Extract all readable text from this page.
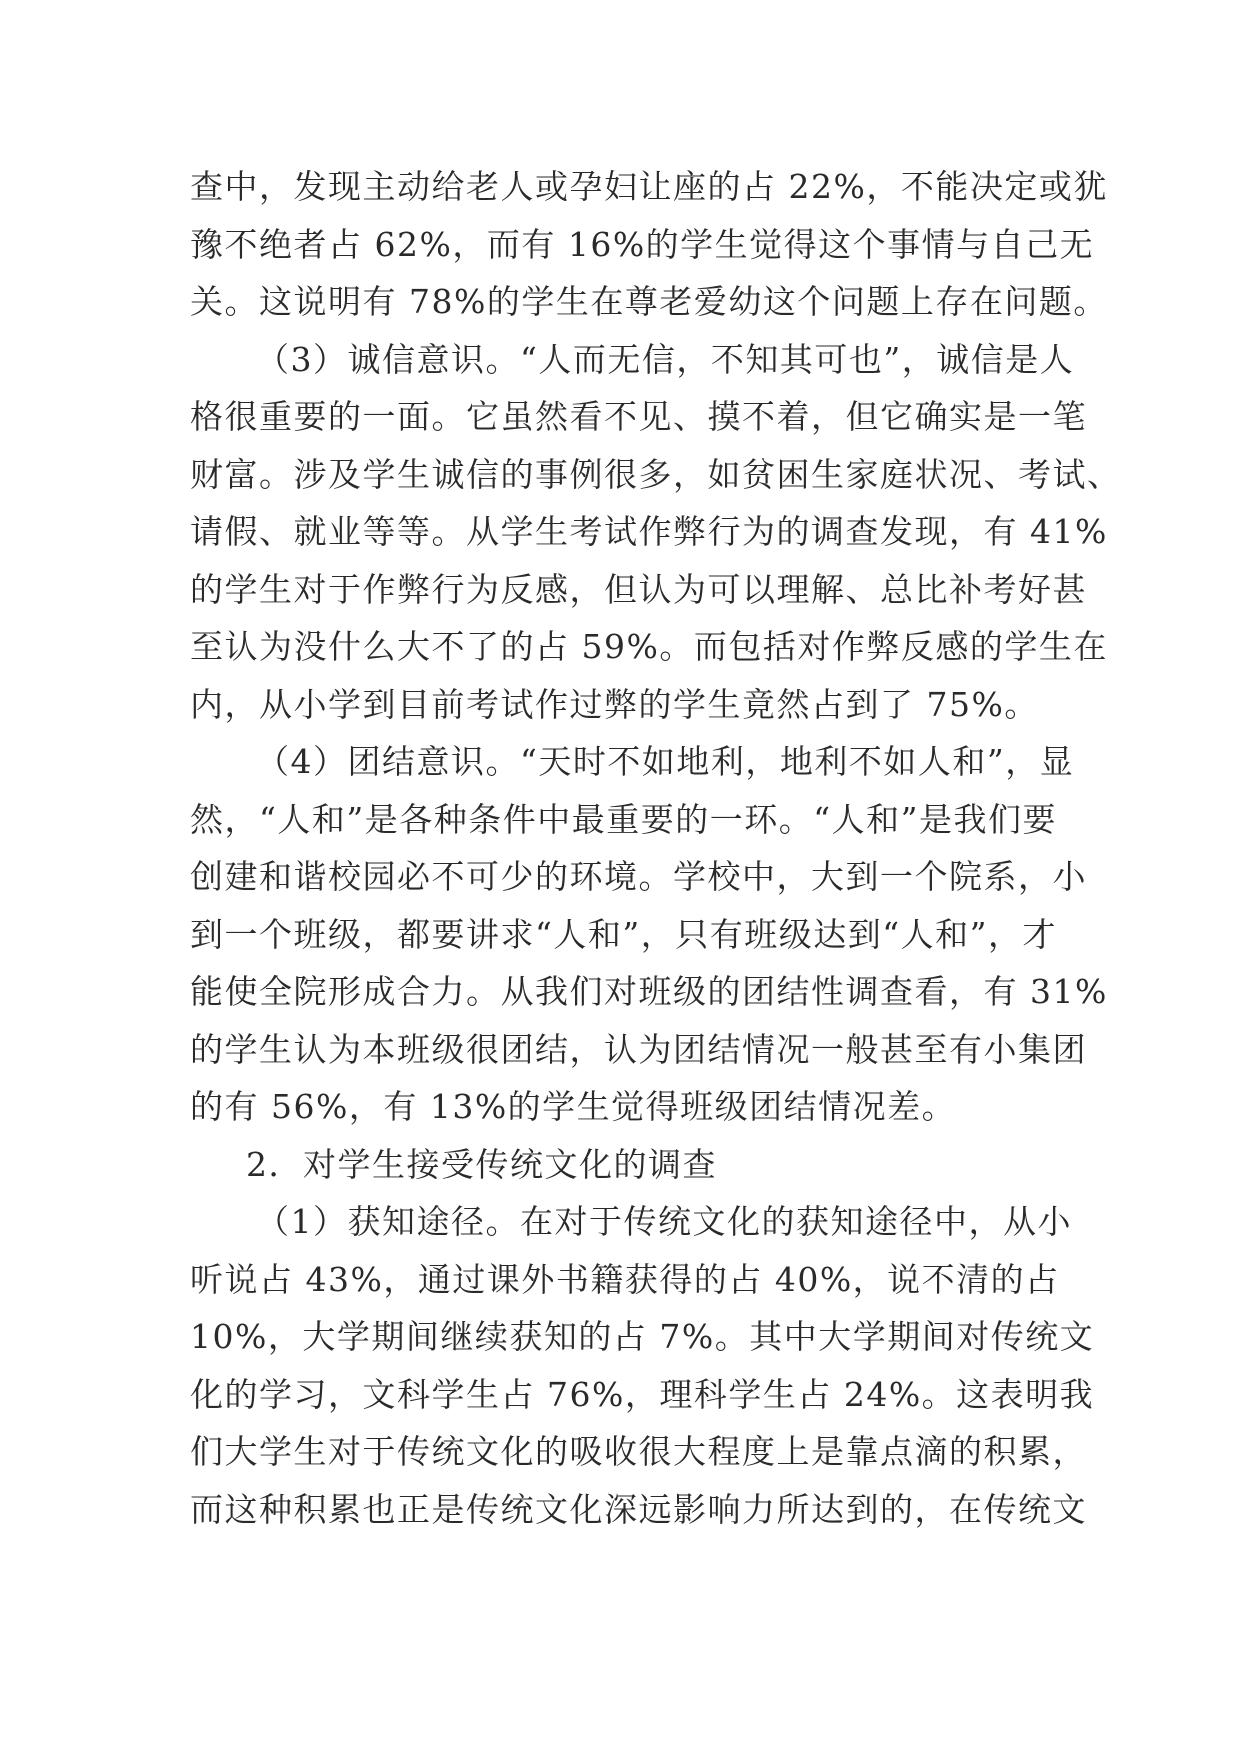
查中，发现主动给老人或孕妇让座的占 22%，不能决定或犹
豫不绝者占 62%，而有 16%的学生觉得这个事情与自己无
关。这说明有 78%的学生在尊老爱幼这个问题上存在问题。
（3）诚信意识。“人而无信，不知其可也”，诚信是人
格很重要的一面。它虽然看不见、摸不着，但它确实是一笔
财富。涉及学生诚信的事例很多，如贫困生家庭状况、考试、
请假、就业等等。从学生考试作弊行为的调查发现，有 41%
的学生对于作弊行为反感，但认为可以理解、总比补考好甚
至认为没什么大不了的占 59%。而包括对作弊反感的学生在
内，从小学到目前考试作过弊的学生竟然占到了 75%。
（4）团结意识。“天时不如地利，地利不如人和”，显
然，“人和”是各种条件中最重要的一环。“人和”是我们要
创建和谐校园必不可少的环境。学校中，大到一个院系，小
到一个班级，都要讲求“人和”，只有班级达到“人和”，才
能使全院形成合力。从我们对班级的团结性调查看，有 31%
的学生认为本班级很团结，认为团结情况一般甚至有小集团
的有 56%，有 13%的学生觉得班级团结情况差。
2．对学生接受传统文化的调查
（1）获知途径。在对于传统文化的获知途径中，从小
听说占 43%，通过课外书籍获得的占 40%，说不清的占
10%，大学期间继续获知的占 7%。其中大学期间对传统文
化的学习，文科学生占 76%，理科学生占 24%。这表明我
们大学生对于传统文化的吸收很大程度上是靠点滴的积累，
而这种积累也正是传统文化深远影响力所达到的，在传统文
